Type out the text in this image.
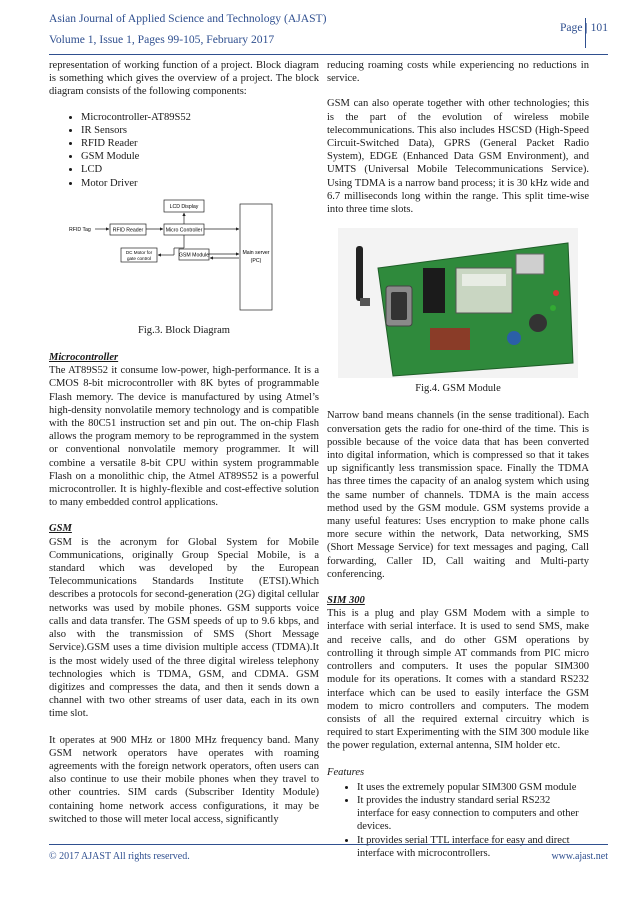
Asian Journal of Applied Science and Technology (AJAST)
Volume 1, Issue 1, Pages 99-105, February 2017
Page | 101

representation of working function of a project. Block diagram is something which gives the overview of a project. The block diagram consists of the following components:

• Microcontroller-AT89S52
• IR Sensors
• RFID Reader
• GSM Module
• LCD
• Motor Driver
LCD Display
RFID Tag	RFID Reader	Micro Controller
Main server
(PC)
DC Motor for
gate control	GSM Module

Fig.3. Block Diagram

Microcontroller

The AT89S52 it consume low-power, high-performance. It is a CMOS 8-bit microcontroller with 8K bytes of programmable Flash memory. The device is manufactured by using Atmel’s high-density nonvolatile memory technology and is compatible with the 80C51 instruction set and pin out. The on-chip Flash allows the program memory to be reprogrammed in the system or conventional nonvolatile memory programmer. It will combine a versatile 8-bit CPU within system programmable Flash on a monolithic chip, the Atmel AT89S52 is a powerful microcontroller. It is highly-flexible and cost-effective solution to many embedded control applications.

GSM

GSM is the acronym for Global System for Mobile Communications, originally Group Special Mobile, is a standard which was developed by the European Telecommunications Standards Institute (ETSI).Which describes a protocols for second-generation (2G) digital cellular networks was used by mobile phones. GSM supports voice calls and data transfer. The GSM speeds of up to 9.6 kbps, and also with the transmission of SMS (Short Message Service).GSM uses a time division multiple access (TDMA).It is the most widely used of the three digital wireless telephony technologies which is TDMA, GSM, and CDMA. GSM digitizes and compresses the data, and then it sends down a channel with two other streams of user data, each in its own time slot.

It operates at 900 MHz or 1800 MHz frequency band. Many GSM network operators have operates with roaming agreements with the foreign network operators, often users can also continue to use their mobile phones when they travel to other countries. SIM cards (Subscriber Identity Module) containing home network access configurations, it may be switched to those will meter local access, significantly

reducing roaming costs while experiencing no reductions in service.

GSM can also operate together with other technologies; this is the part of the evolution of wireless mobile telecommunications. This also includes HSCSD (High-Speed Circuit-Switched Data), GPRS (General Packet Radio System), EDGE (Enhanced Data GSM Environment), and UMTS (Universal Mobile Telecommunications Service). Using TDMA is a narrow band process; it is 30 kHz wide and 6.7 milliseconds long within the range. This split time-wise into three time slots.

Fig.4. GSM Module

Narrow band means channels (in the sense traditional). Each conversation gets the radio for one-third of the time. This is possible because of the voice data that has been converted into digital information, which is compressed so that it takes up significantly less transmission space. Finally the TDMA has three times the capacity of an analog system which using the same number of channels. TDMA is the main access method used by the GSM module. GSM systems provide a many useful features: Uses encryption to make phone calls more secure within the network, Data networking, SMS (Short Message Service) for text messages and paging, Call forwarding, Caller ID, Call waiting and Multi-party conferencing.

SIM 300

This is a plug and play GSM Modem with a simple to interface with serial interface. It is used to send SMS, make and receive calls, and do other GSM operations by controlling it through simple AT commands from PIC micro controllers and computers. It uses the popular SIM300 module for its operations. It comes with a standard RS232 interface which can be used to easily interface the GSM modem to micro controllers and computers. The modem consists of all the required external circuitry which is required to start Experimenting with the SIM 300 module like the power regulation, external antenna, SIM holder etc.

Features

• It uses the extremely popular SIM300 GSM module
• It provides the industry standard serial RS232 interface for easy connection to computers and other devices.
• It provides serial TTL interface for easy and direct interface with microcontrollers.
© 2017 AJAST All rights reserved.	www.ajast.net
